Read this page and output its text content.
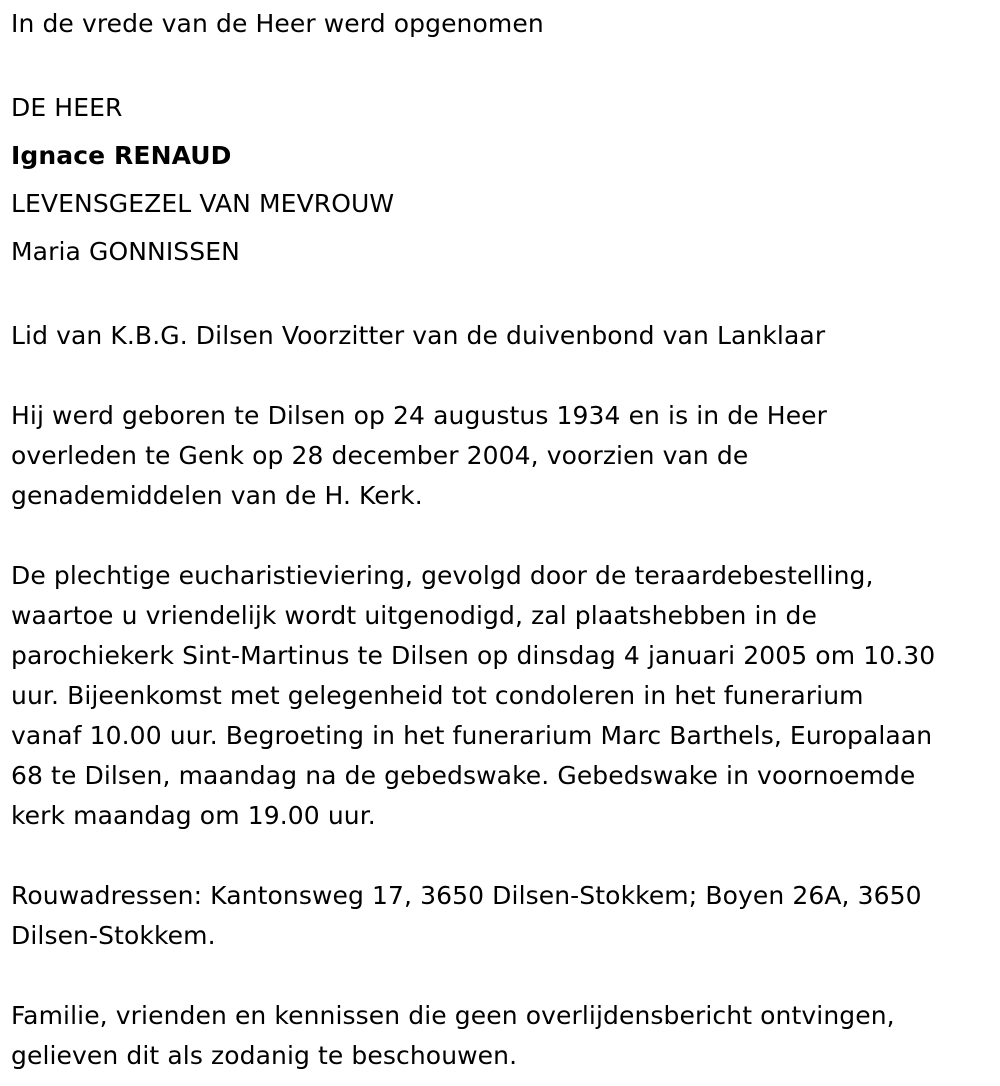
In de vrede van de Heer werd opgenomen
DE HEER
Ignace RENAUD
LEVENSGEZEL VAN MEVROUW
Maria GONNISSEN
Lid van K.B.G. Dilsen Voorzitter van de duivenbond van Lanklaar
Hij werd geboren te Dilsen op 24 augustus 1934 en is in de Heer
overleden te Genk op 28 december 2004, voorzien van de
genademiddelen van de H. Kerk.
De plechtige eucharistieviering, gevolgd door de teraardebestelling,
waartoe u vriendelijk wordt uitgenodigd, zal plaatshebben in de
parochiekerk Sint-Martinus te Dilsen op dinsdag 4 januari 2005 om 10.30
uur. Bijeenkomst met gelegenheid tot condoleren in het funerarium
vanaf 10.00 uur. Begroeting in het funerarium Marc Barthels, Europalaan
68 te Dilsen, maandag na de gebedswake. Gebedswake in voornoemde
kerk maandag om 19.00 uur.
Rouwadressen: Kantonsweg 17, 3650 Dilsen-Stokkem; Boyen 26A, 3650
Dilsen-Stokkem.
Familie, vrienden en kennissen die geen overlijdensbericht ontvingen,
gelieven dit als zodanig te beschouwen.
